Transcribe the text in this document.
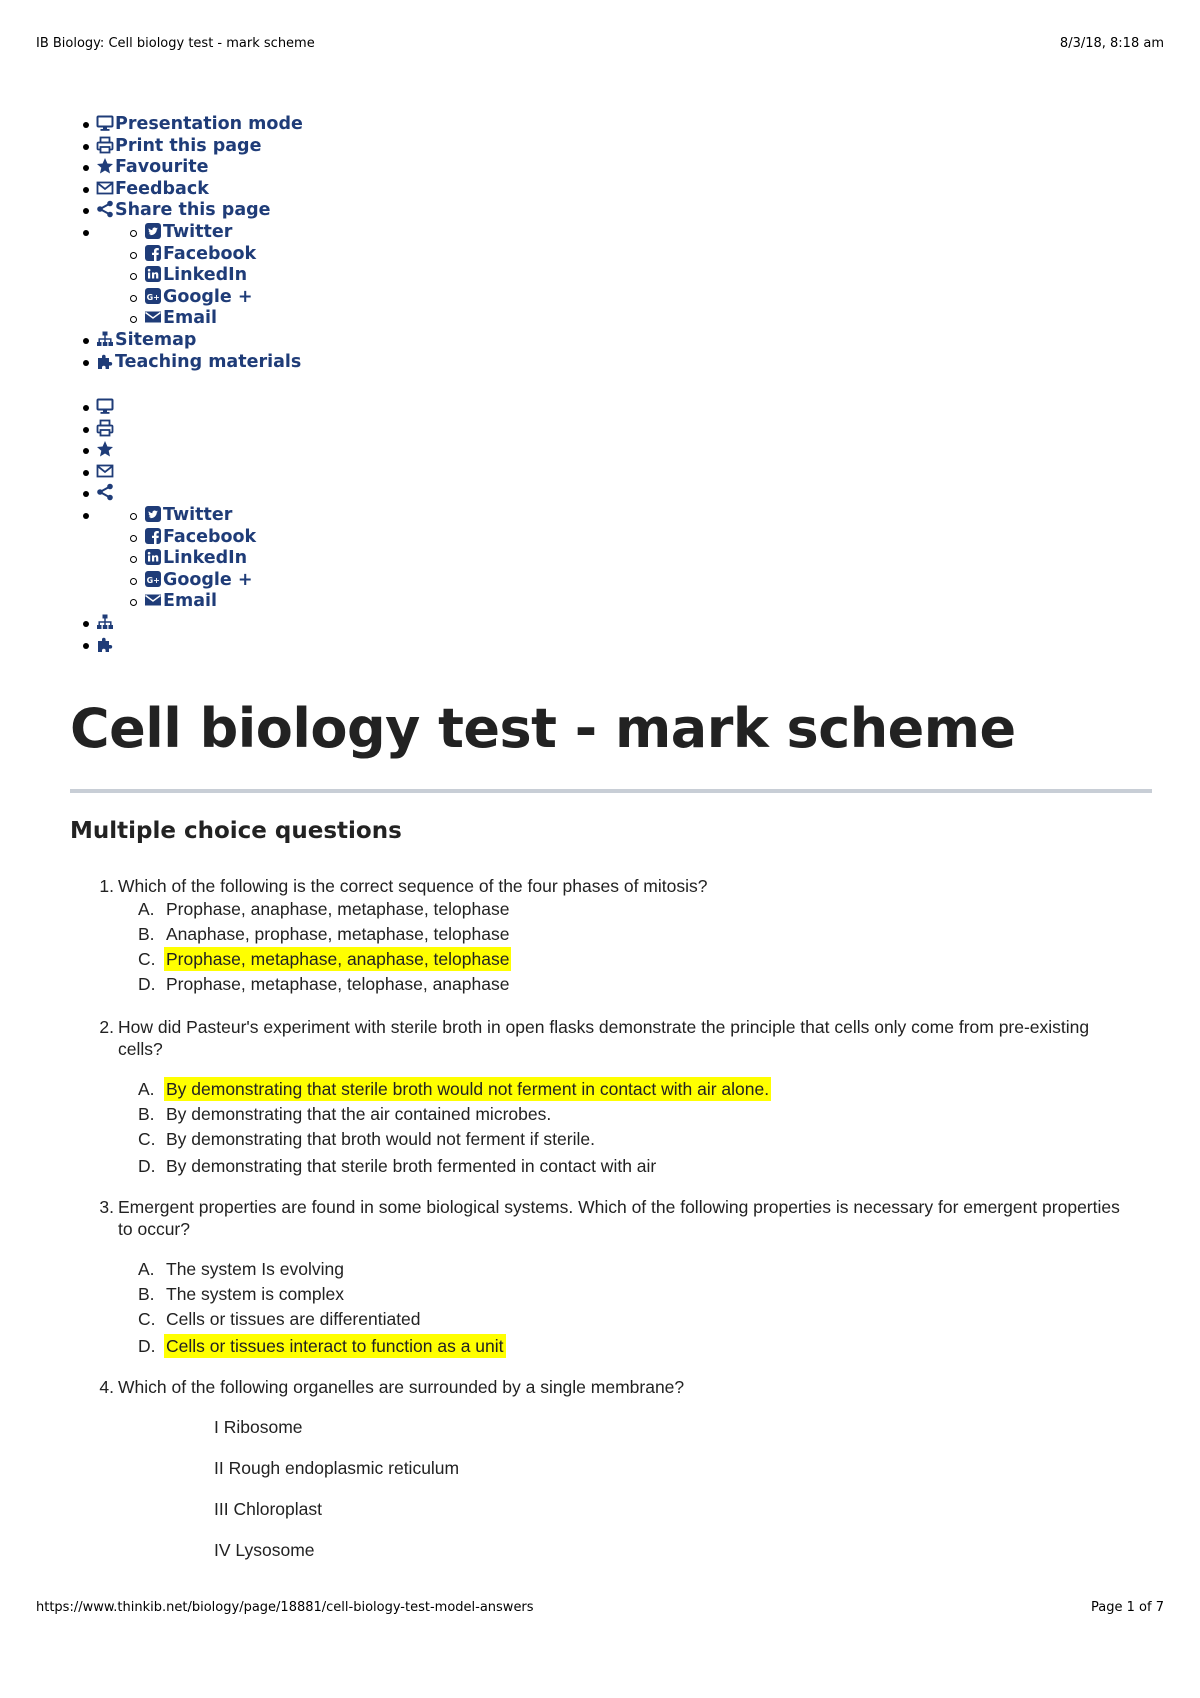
IB Biology: Cell biology test - mark scheme	8/3/18, 8:18 am
Presentation mode
Print this page
Favourite
Feedback
Share this page
Twitter
Facebook
LinkedIn
G+ Google +
Email
Sitemap
Teaching materials
Twitter
Facebook
LinkedIn
G+ Google +
Email
Cell biology test - mark scheme
Multiple choice questions
1. Which of the following is the correct sequence of the four phases of mitosis?
A. Prophase, anaphase, metaphase, telophase
B. Anaphase, prophase, metaphase, telophase
C. Prophase, metaphase, anaphase, telophase
D. Prophase, metaphase, telophase, anaphase
2. How did Pasteur's experiment with sterile broth in open flasks demonstrate the principle that cells only come from pre-existing cells?
A. By demonstrating that sterile broth would not ferment in contact with air alone.
B. By demonstrating that the air contained microbes.
C. By demonstrating that broth would not ferment if sterile.
D. By demonstrating that sterile broth fermented in contact with air
3. Emergent properties are found in some biological systems. Which of the following properties is necessary for emergent properties to occur?
A. The system Is evolving
B. The system is complex
C. Cells or tissues are differentiated
D. Cells or tissues interact to function as a unit
4. Which of the following organelles are surrounded by a single membrane?
I Ribosome
II Rough endoplasmic reticulum
III Chloroplast
IV Lysosome
https://www.thinkib.net/biology/page/18881/cell-biology-test-model-answers	Page 1 of 7
